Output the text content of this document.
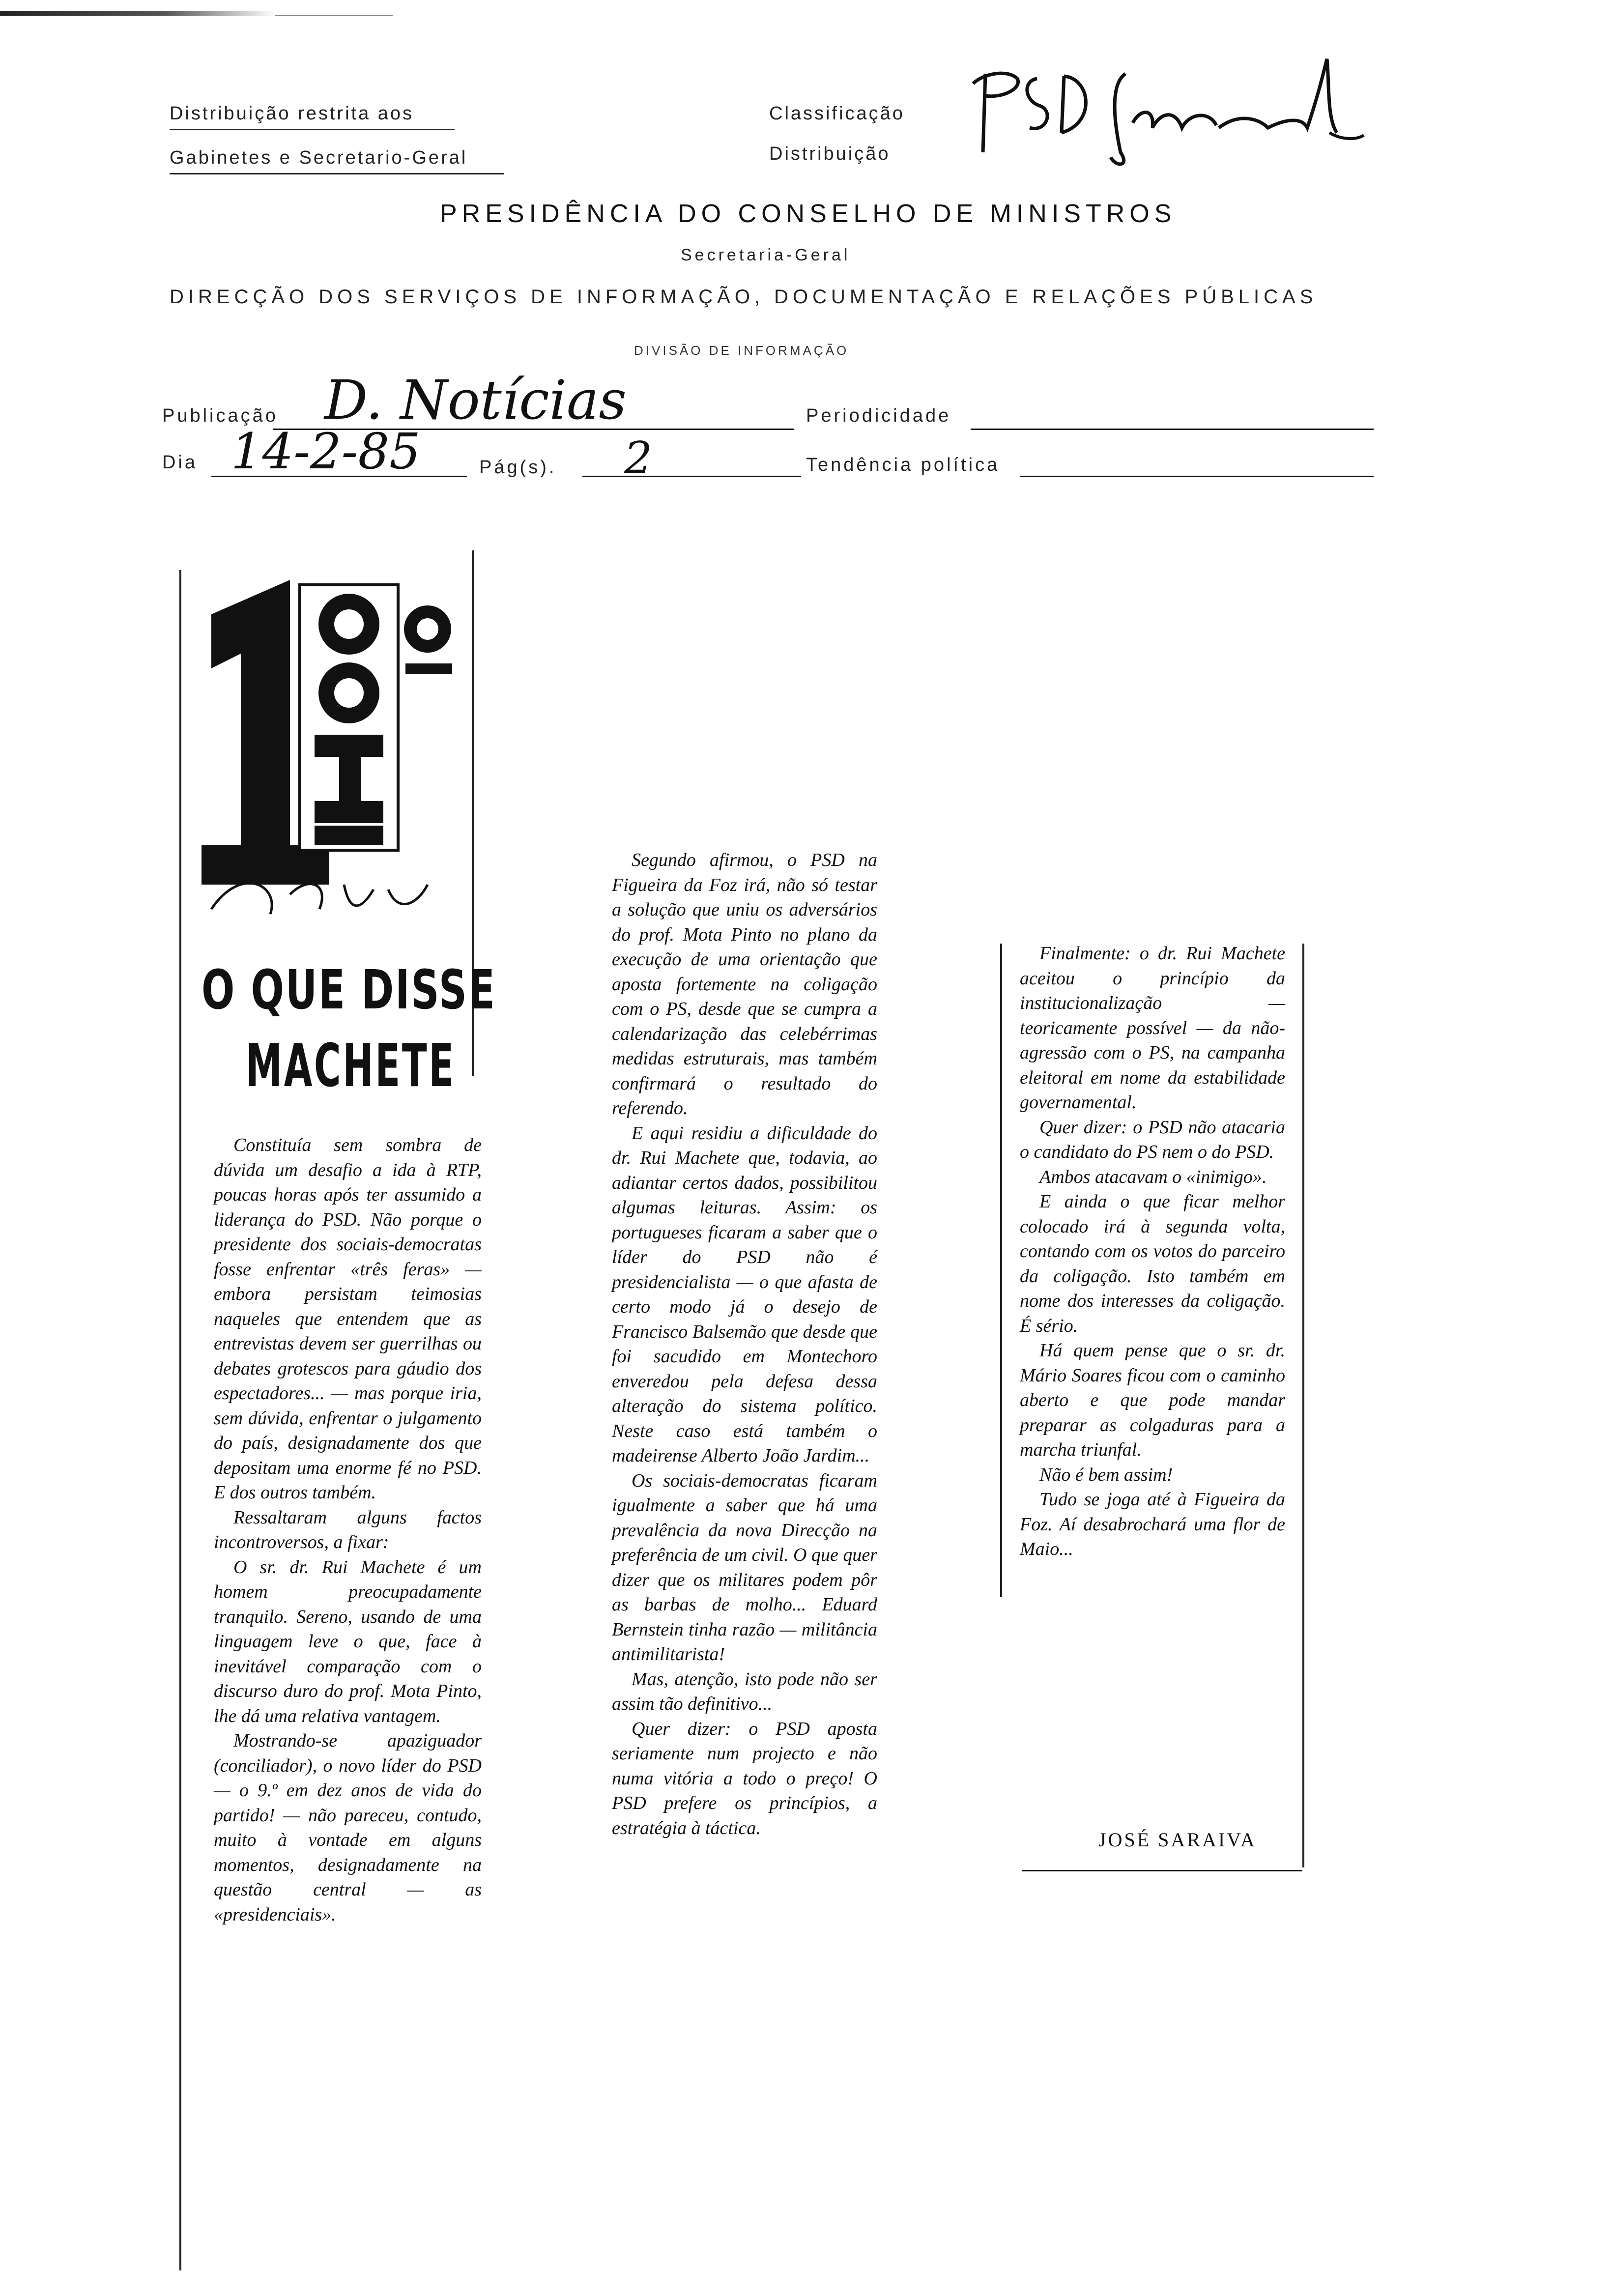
Distribuição restrita aos
Gabinetes e Secretario-Geral
Classificação
Distribuição
PRESIDÊNCIA DO CONSELHO DE MINISTROS
Secretaria-Geral
DIRECÇÃO DOS SERVIÇOS DE INFORMAÇÃO, DOCUMENTAÇÃO E RELAÇÕES PÚBLICAS
DIVISÃO DE INFORMAÇÃO
Publicação D. Notícias	Periodicidade
Dia 14-2-85	Pág(s). 2	Tendência política
O QUE DISSE
MACHETE

Constituía sem sombra de dúvida um desafio a ida à RTP, poucas horas após ter assumido a liderança do PSD. Não porque o presidente dos sociais-democratas fosse enfrentar «três feras» — embora persistam teimosias naqueles que entendem que as entrevistas devem ser guerrilhas ou debates grotescos para gáudio dos espectadores... — mas porque iria, sem dúvida, enfrentar o julgamento do país, designadamente dos que depositam uma enorme fé no PSD. E dos outros também.

Ressaltaram alguns factos incontroversos, a fixar:

O sr. dr. Rui Machete é um homem preocupadamente tranquilo. Sereno, usando de uma linguagem leve o que, face à inevitável comparação com o discurso duro do prof. Mota Pinto, lhe dá uma relativa vantagem.

Mostrando-se apaziguador (conciliador), o novo líder do PSD — o 9.º em dez anos de vida do partido! — não pareceu, contudo, muito à vontade em alguns momentos, designadamente na questão central — as «presidenciais».

Segundo afirmou, o PSD na Figueira da Foz irá, não só testar a solução que uniu os adversários do prof. Mota Pinto no plano da execução de uma orientação que aposta fortemente na coligação com o PS, desde que se cumpra a calendarização das celebérrimas medidas estruturais, mas também confirmará o resultado do referendo.

E aqui residiu a dificuldade do dr. Rui Machete que, todavia, ao adiantar certos dados, possibilitou algumas leituras. Assim: os portugueses ficaram a saber que o líder do PSD não é presidencialista — o que afasta de certo modo já o desejo de Francisco Balsemão que desde que foi sacudido em Montechoro enveredou pela defesa dessa alteração do sistema político. Neste caso está também o madeirense Alberto João Jardim...

Os sociais-democratas ficaram igualmente a saber que há uma prevalência da nova Direcção na preferência de um civil. O que quer dizer que os militares podem pôr as barbas de molho... Eduard Bernstein tinha razão — militância antimilitarista!

Mas, atenção, isto pode não ser assim tão definitivo...

Quer dizer: o PSD aposta seriamente num projecto e não numa vitória a todo o preço! O PSD prefere os princípios, a estratégia à táctica.

Finalmente: o dr. Rui Machete aceitou o princípio da institucionalização — teoricamente possível — da não-agressão com o PS, na campanha eleitoral em nome da estabilidade governamental.

Quer dizer: o PSD não atacaria o candidato do PS nem o do PSD.

Ambos atacavam o «inimigo».

E ainda o que ficar melhor colocado irá à segunda volta, contando com os votos do parceiro da coligação. Isto também em nome dos interesses da coligação. É sério.

Há quem pense que o sr. dr. Mário Soares ficou com o caminho aberto e que pode mandar preparar as colgaduras para a marcha triunfal.

Não é bem assim!

Tudo se joga até à Figueira da Foz. Aí desabrochará uma flor de Maio...

JOSÉ SARAIVA
